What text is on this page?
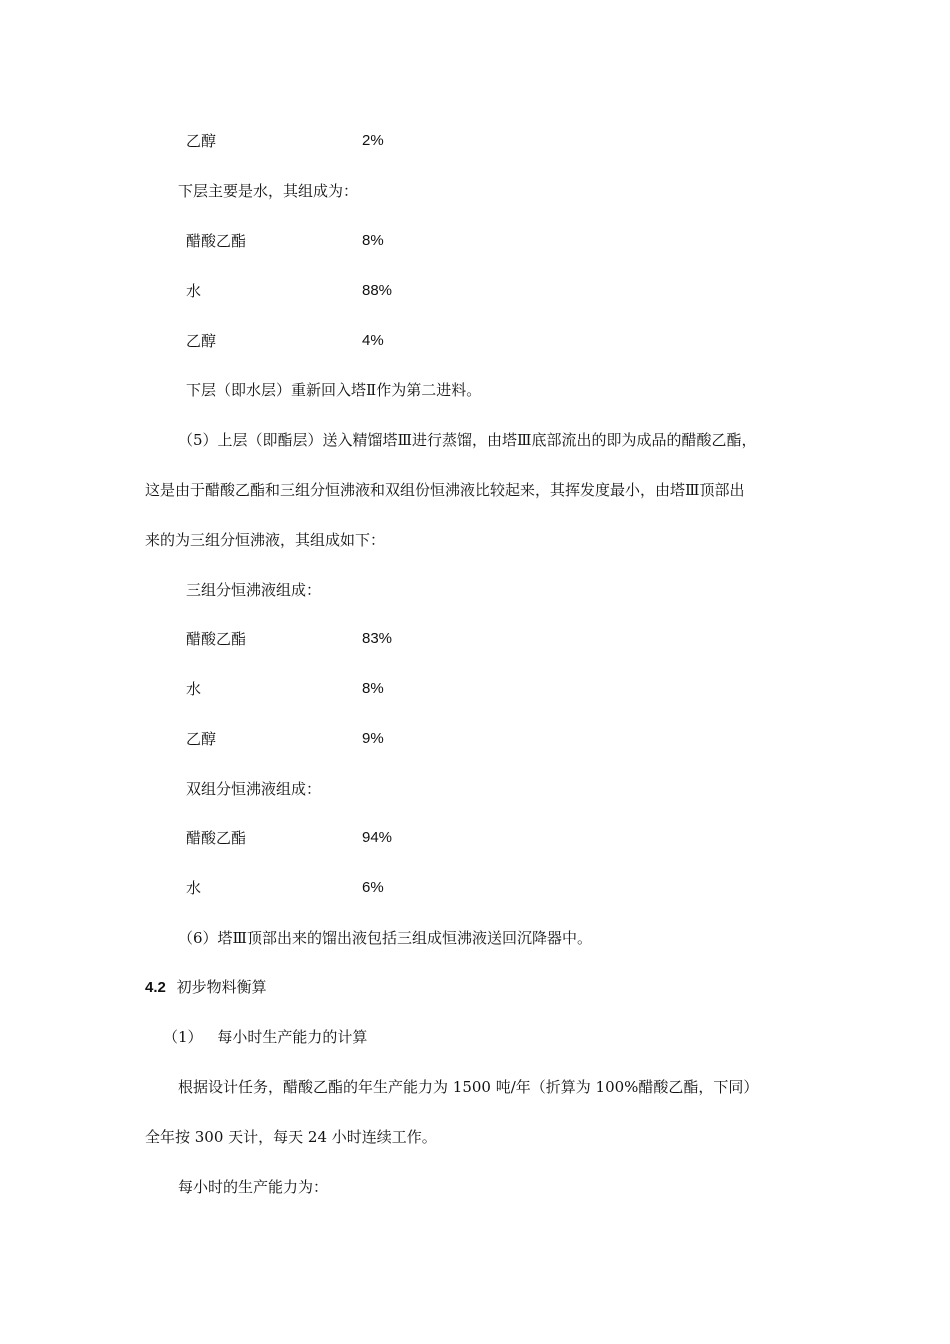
乙醇	2%
下层主要是水，其组成为：
醋酸乙酯	8%
水	88%
乙醇	4%
下层（即水层）重新回入塔Ⅱ作为第二进料。
（5）上层（即酯层）送入精馏塔Ⅲ进行蒸馏，由塔Ⅲ底部流出的即为成品的醋酸乙酯，
这是由于醋酸乙酯和三组分恒沸液和双组份恒沸液比较起来，其挥发度最小，由塔Ⅲ顶部出
来的为三组分恒沸液，其组成如下：
三组分恒沸液组成：
醋酸乙酯	83%
水	8%
乙醇	9%
双组分恒沸液组成：
醋酸乙酯	94%
水	6%
（6）塔Ⅲ顶部出来的馏出液包括三组成恒沸液送回沉降器中。
4.2 初步物料衡算
（1） 每小时生产能力的计算
根据设计任务，醋酸乙酯的年生产能力为 1500 吨/年（折算为 100%醋酸乙酯，下同）
全年按 300 天计，每天 24 小时连续工作。
每小时的生产能力为：
